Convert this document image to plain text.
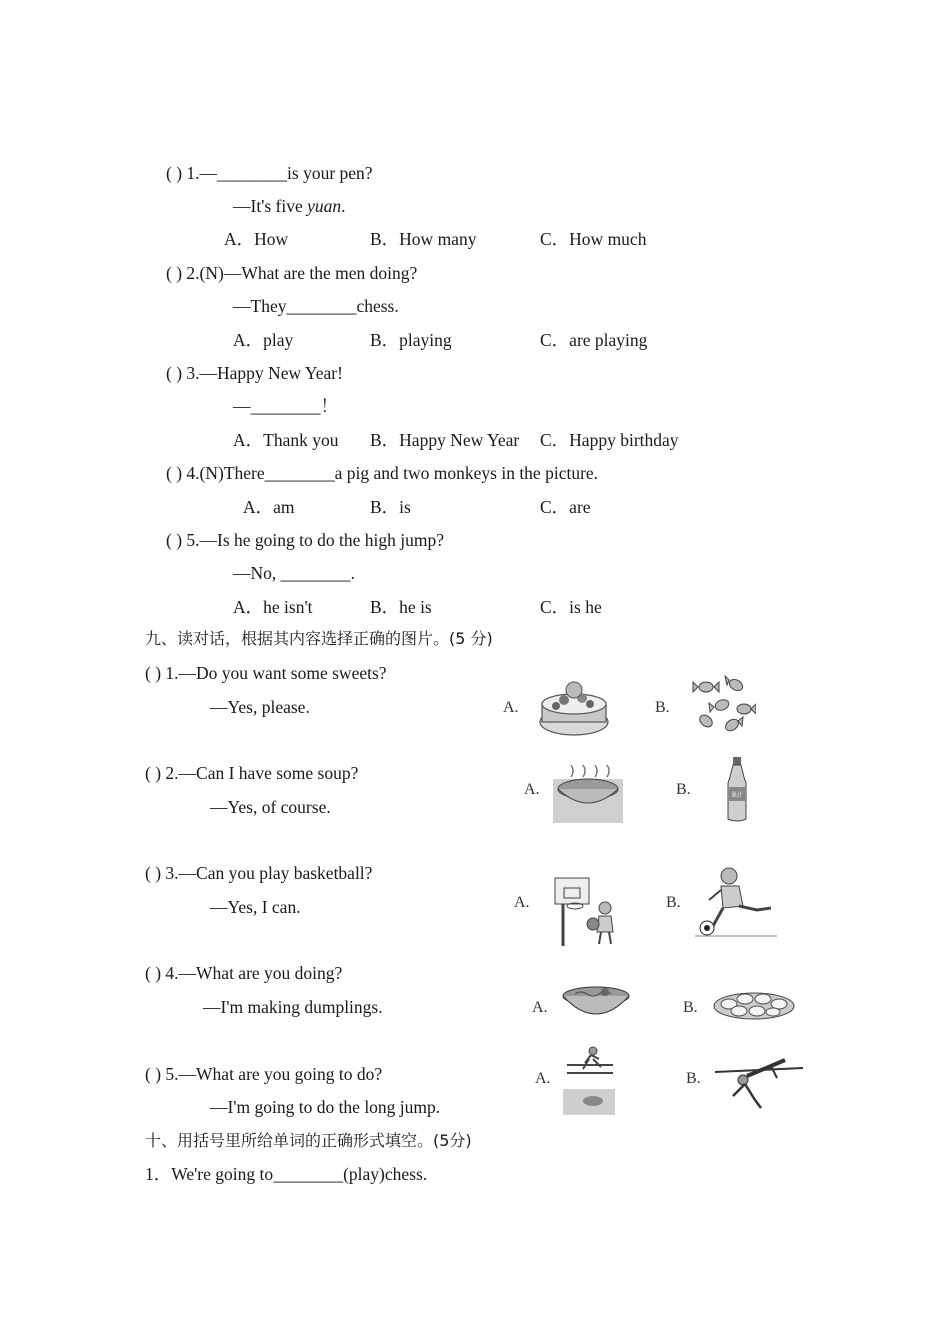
( ) 1.—________is your pen?
—It's five yuan.
A．How	B．How many	C．How much
( ) 2.(N)—What are the men doing?
—They________chess.
A．play	B．playing	C．are playing
( ) 3.—Happy New Year!
—________！
A．Thank you B．Happy New Year C．Happy birthday
( ) 4.(N)There________a pig and two monkeys in the picture.
A．am	B．is	C．are
( ) 5.—Is he going to do the high jump?
—No, ________.
A．he isn't	B．he is	C．is he
九、读对话，根据其内容选择正确的图片。(5 分)
( ) 1.—Do you want some sweets?
—Yes, please.	A.	B.
( ) 2.—Can I have some soup?
—Yes, of course.
A.	B.	果汁
( ) 3.—Can you play basketball?
—Yes, I can.	A.	B.
( ) 4.—What are you doing?
—I'm making dumplings.	A.	B.
( ) 5.—What are you going to do?
—I'm going to do the long jump.
A.	B.
十、用括号里所给单词的正确形式填空。(5分)
1．We're going to________(play)chess.
